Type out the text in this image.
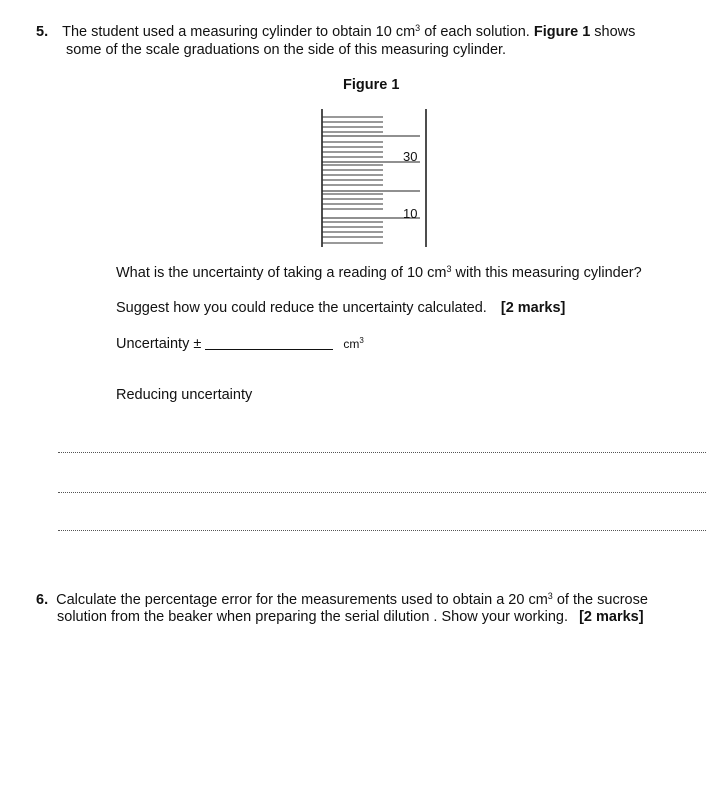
5. The student used a measuring cylinder to obtain 10 $cm^3$ of each solution. Figure 1 shows
some of the scale graduations on the side of this measuring cylinder.
Figure 1
30
10
What is the uncertainty of taking a reading of 10 $cm^3$ with this measuring cylinder?
Suggest how you could reduce the uncertainty calculated. [2 marks]
Uncertainty ±	$cm^3$
Reducing uncertainty
6. Calculate the percentage error for the measurements used to obtain a 20 $cm^3$ of the sucrose
solution from the beaker when preparing the serial dilution . Show your working. [2 marks]
